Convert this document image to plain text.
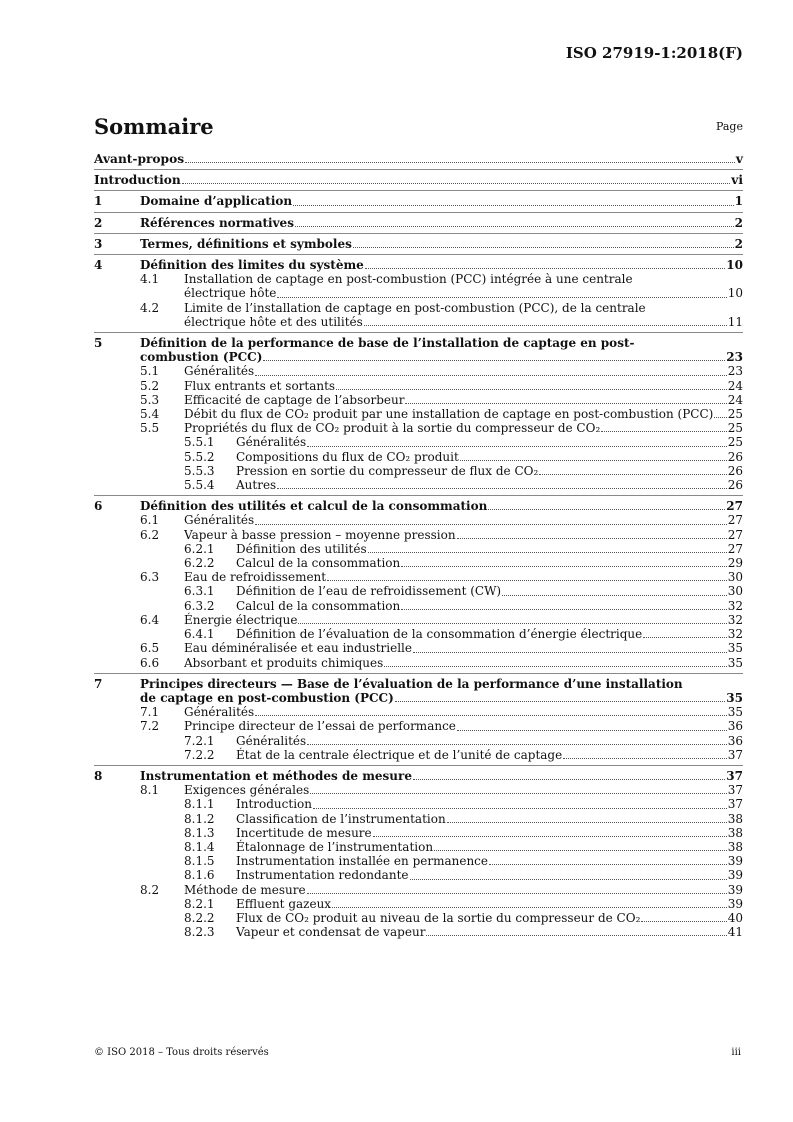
ISO 27919-1:2018(F)
Sommaire	Page
Avant-propos	v
Introduction	vi
1	Domaine d’application	1
2	Références normatives	2
3	Termes, définitions et symboles	2
4	Définition des limites du système	10
4.1	Installation de captage en post-combustion (PCC) intégrée à une centrale
électrique hôte	10
4.2	Limite de l’installation de captage en post-combustion (PCC), de la centrale
électrique hôte et des utilités	11
5	Définition de la performance de base de l’installation de captage en post-
combustion (PCC)	23
5.1	Généralités	23
5.2	Flux entrants et sortants	24
5.3	Efficacité de captage de l’absorbeur	24
5.4	Débit du flux de CO₂ produit par une installation de captage en post-combustion (PCC) 25
5.5	Propriétés du flux de CO₂ produit à la sortie du compresseur de CO₂	25
5.5.1	Généralités	25
5.5.2	Compositions du flux de CO₂ produit	26
5.5.3	Pression en sortie du compresseur de flux de CO₂	26
5.5.4	Autres	26
6	Définition des utilités et calcul de la consommation	27
6.1	Généralités	27
6.2	Vapeur à basse pression – moyenne pression	27
6.2.1	Définition des utilités	27
6.2.2	Calcul de la consommation	29
6.3	Eau de refroidissement	30
6.3.1	Définition de l’eau de refroidissement (CW)	30
6.3.2	Calcul de la consommation	32
6.4	Énergie électrique	32
6.4.1	Définition de l’évaluation de la consommation d’énergie électrique	32
6.5	Eau déminéralisée et eau industrielle	35
6.6	Absorbant et produits chimiques	35
7	Principes directeurs — Base de l’évaluation de la performance d’une installation
de captage en post-combustion (PCC)	35
7.1	Généralités	35
7.2	Principe directeur de l’essai de performance	36
7.2.1	Généralités	36
7.2.2	État de la centrale électrique et de l’unité de captage	37
8	Instrumentation et méthodes de mesure	37
8.1	Exigences générales	37
8.1.1	Introduction	37
8.1.2	Classification de l’instrumentation	38
8.1.3	Incertitude de mesure	38
8.1.4	Étalonnage de l’instrumentation	38
8.1.5	Instrumentation installée en permanence	39
8.1.6	Instrumentation redondante	39
8.2	Méthode de mesure	39
8.2.1	Effluent gazeux	39
8.2.2	Flux de CO₂ produit au niveau de la sortie du compresseur de CO₂	40
8.2.3	Vapeur et condensat de vapeur	41
© ISO 2018 – Tous droits réservés	iii
